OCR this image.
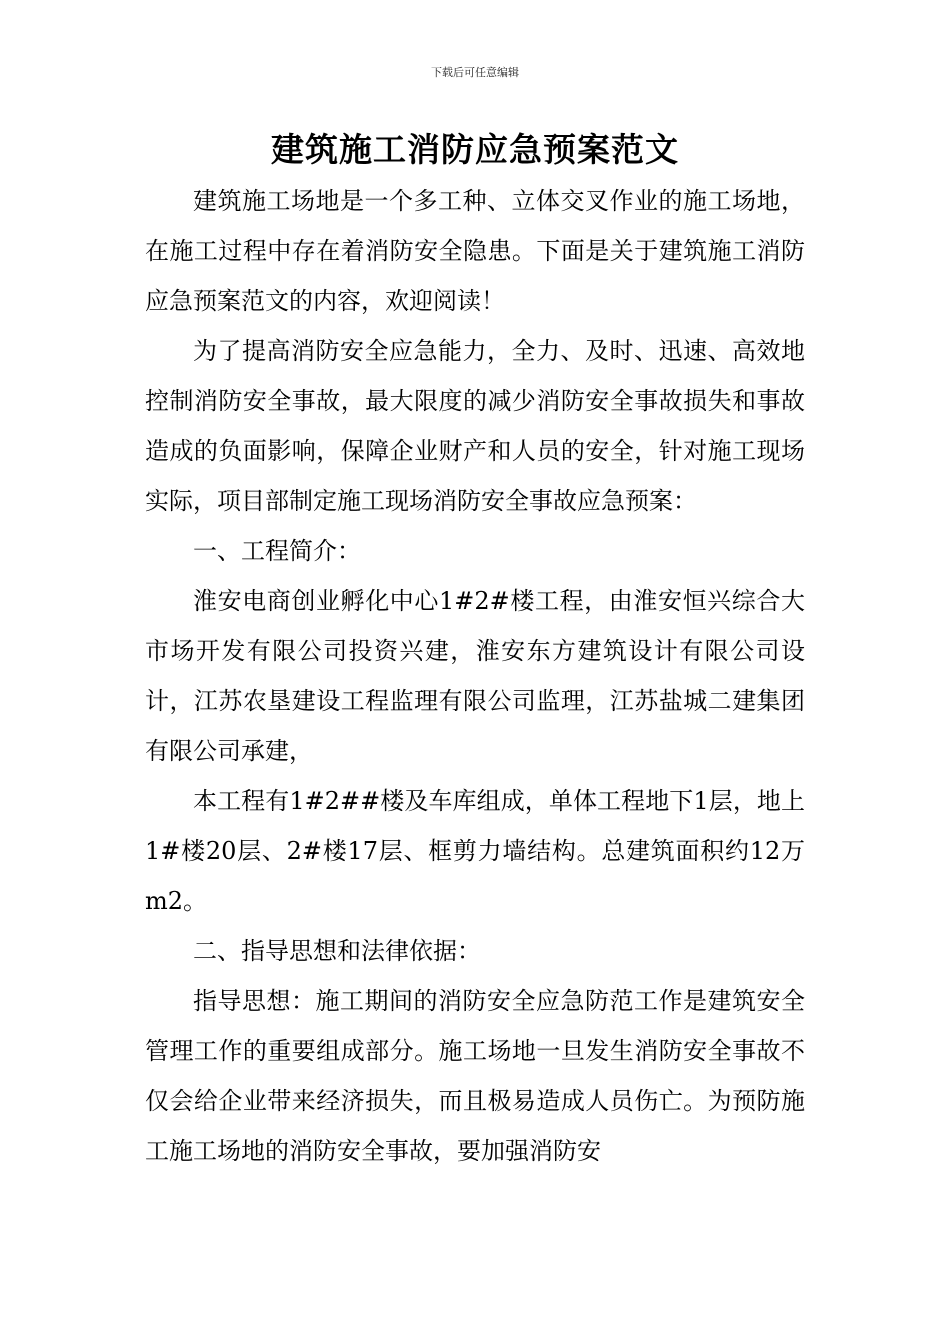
下载后可任意编辑
建筑施工消防应急预案范文

建筑施工场地是一个多工种、立体交叉作业的施工场地，在施工过程中存在着消防安全隐患。下面是关于建筑施工消防应急预案范文的内容，欢迎阅读！

为了提高消防安全应急能力，全力、及时、迅速、高效地控制消防安全事故，最大限度的减少消防安全事故损失和事故造成的负面影响，保障企业财产和人员的安全，针对施工现场实际，项目部制定施工现场消防安全事故应急预案：

一、工程简介：

淮安电商创业孵化中心1#2#楼工程，由淮安恒兴综合大市场开发有限公司投资兴建，淮安东方建筑设计有限公司设计，江苏农垦建设工程监理有限公司监理，江苏盐城二建集团有限公司承建，

本工程有1#2##楼及车库组成，单体工程地下1层，地上1#楼20层、2#楼17层、框剪力墙结构。总建筑面积约12万m2。

二、指导思想和法律依据：

指导思想：施工期间的消防安全应急防范工作是建筑安全管理工作的重要组成部分。施工场地一旦发生消防安全事故不仅会给企业带来经济损失，而且极易造成人员伤亡。为预防施工施工场地的消防安全事故，要加强消防安
